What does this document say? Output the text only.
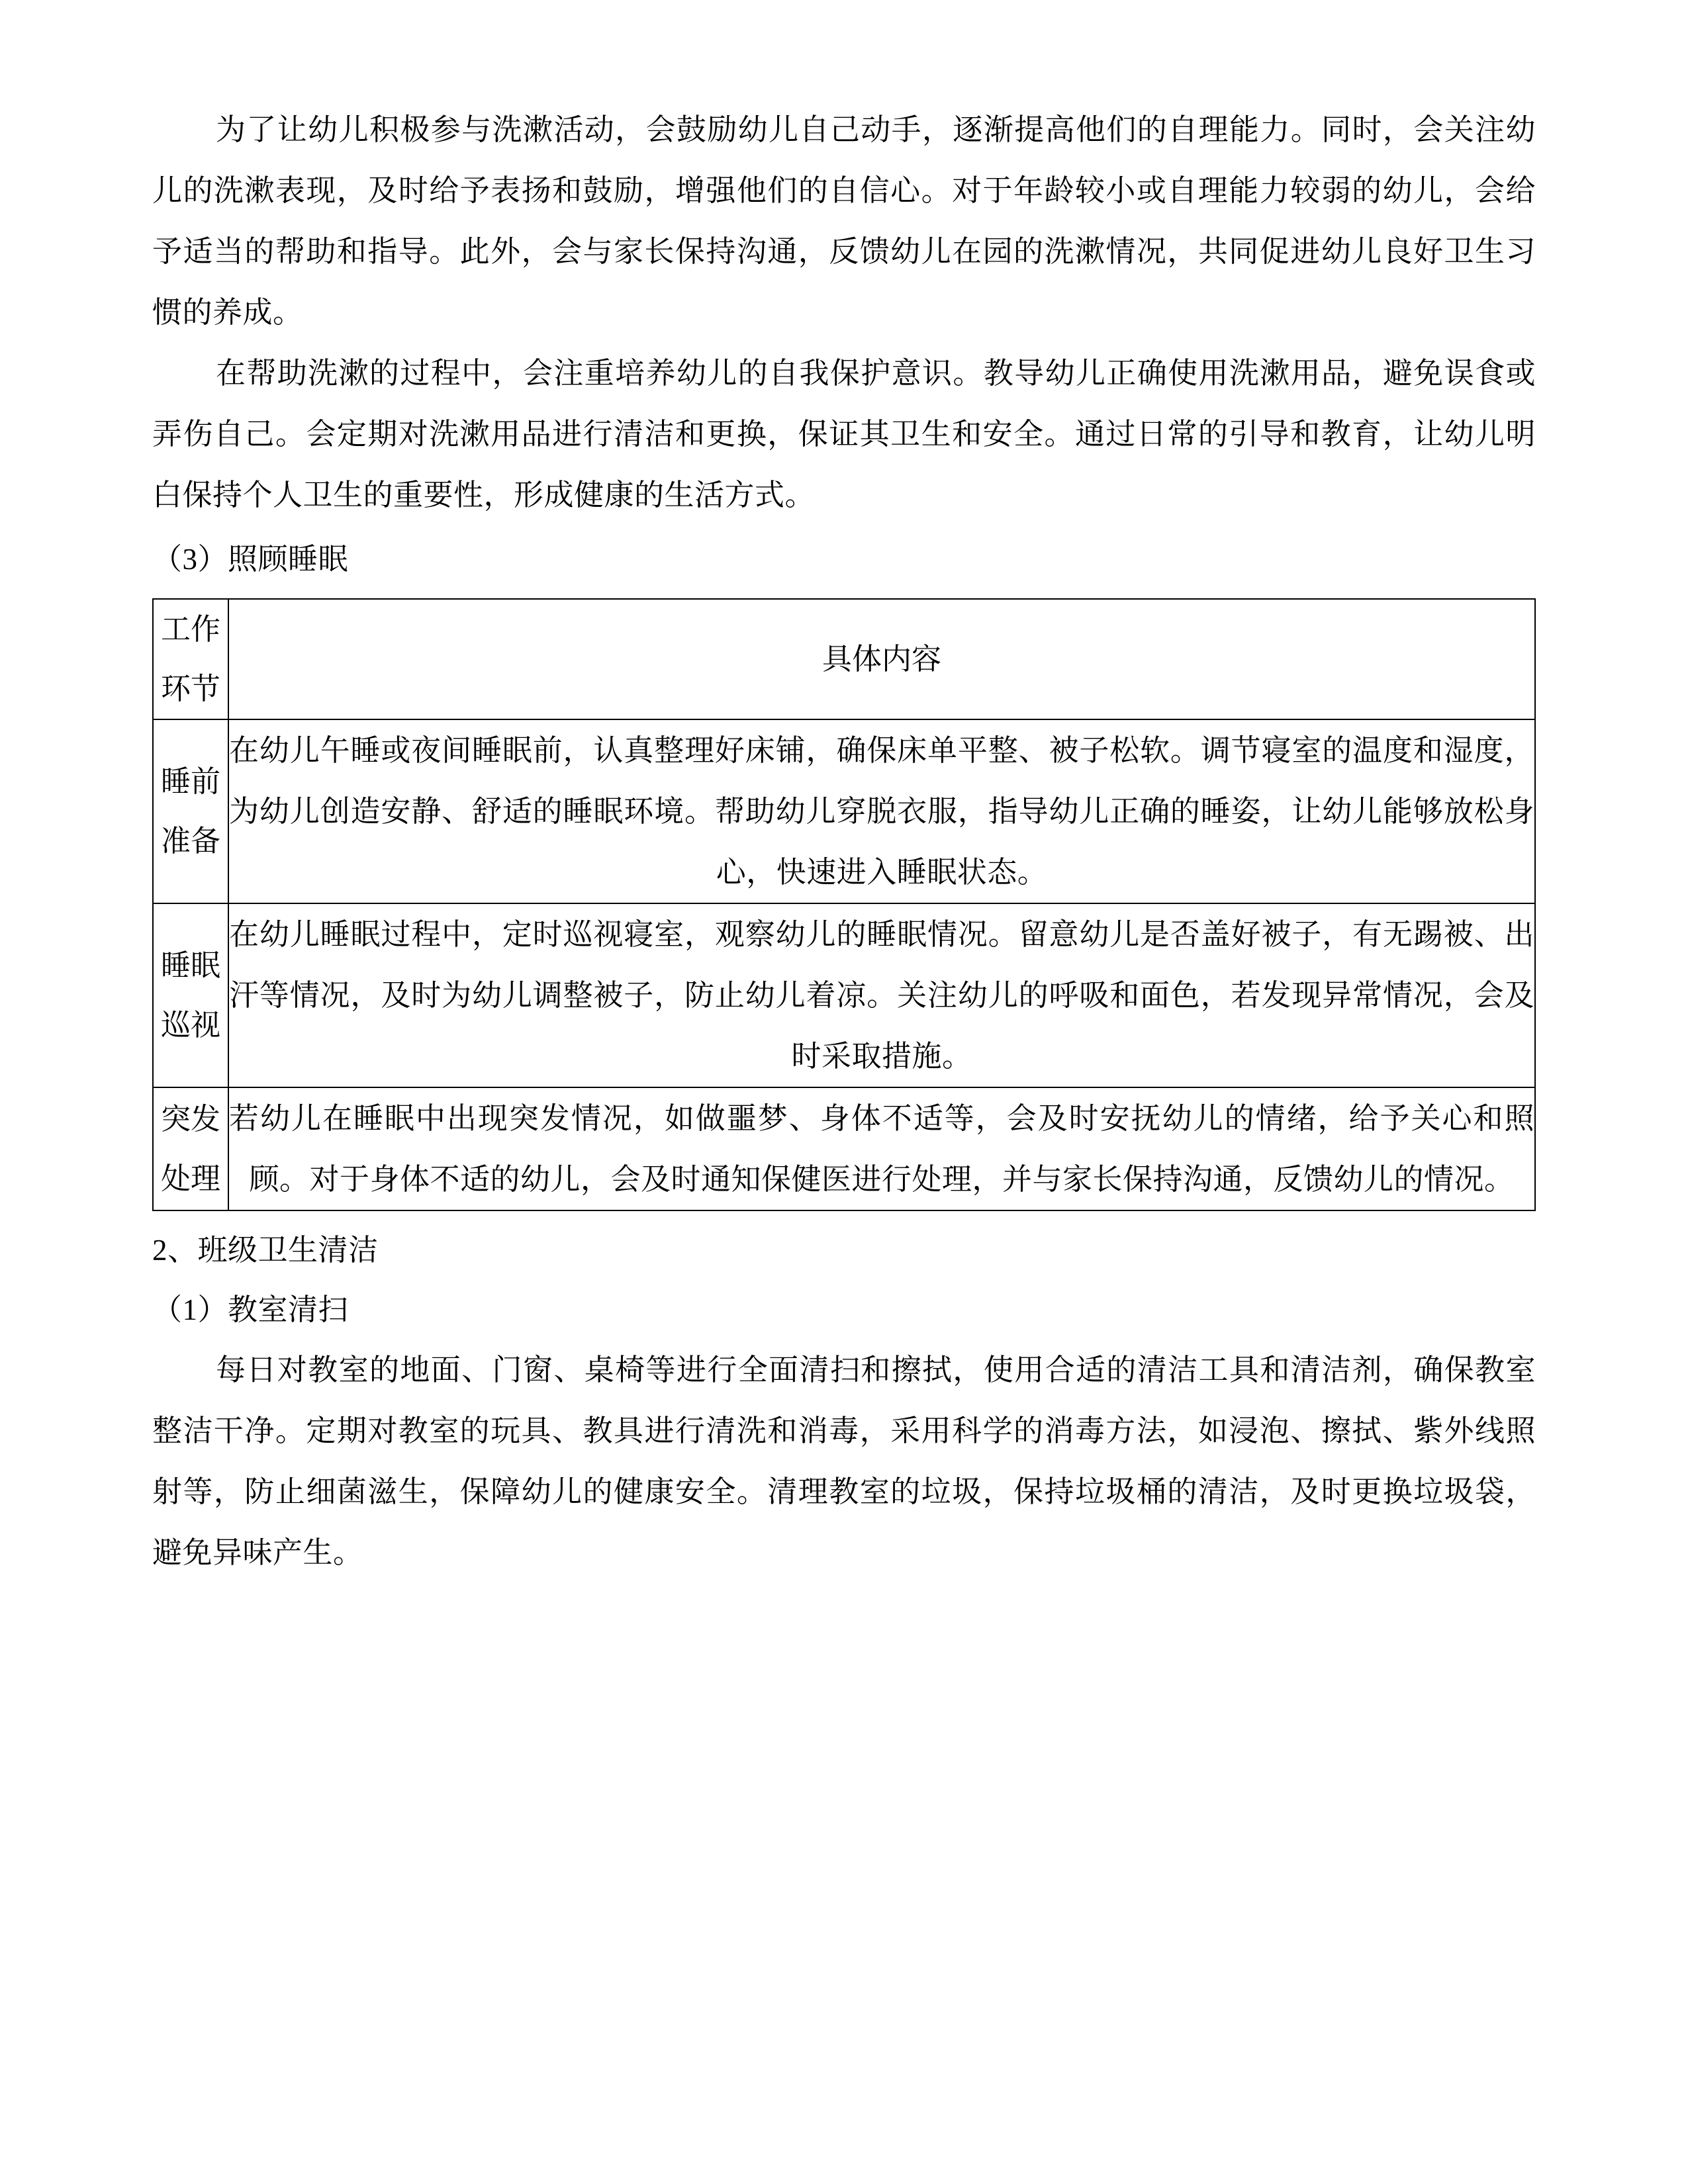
为了让幼儿积极参与洗漱活动，会鼓励幼儿自己动手，逐渐提高他们的自理能力。同时，会关注幼儿的洗漱表现，及时给予表扬和鼓励，增强他们的自信心。对于年龄较小或自理能力较弱的幼儿，会给予适当的帮助和指导。此外，会与家长保持沟通，反馈幼儿在园的洗漱情况，共同促进幼儿良好卫生习惯的养成。

在帮助洗漱的过程中，会注重培养幼儿的自我保护意识。教导幼儿正确使用洗漱用品，避免误食或弄伤自己。会定期对洗漱用品进行清洁和更换，保证其卫生和安全。通过日常的引导和教育，让幼儿明白保持个人卫生的重要性，形成健康的生活方式。

（3）照顾睡眠

工作环节	具体内容
睡前准备	在幼儿午睡或夜间睡眠前，认真整理好床铺，确保床单平整、被子松软。调节寝室的温度和湿度，为幼儿创造安静、舒适的睡眠环境。帮助幼儿穿脱衣服，指导幼儿正确的睡姿，让幼儿能够放松身心，快速进入睡眠状态。
睡眠巡视	在幼儿睡眠过程中，定时巡视寝室，观察幼儿的睡眠情况。留意幼儿是否盖好被子，有无踢被、出汗等情况，及时为幼儿调整被子，防止幼儿着凉。关注幼儿的呼吸和面色，若发现异常情况，会及时采取措施。
突发处理	若幼儿在睡眠中出现突发情况，如做噩梦、身体不适等，会及时安抚幼儿的情绪，给予关心和照顾。对于身体不适的幼儿，会及时通知保健医进行处理，并与家长保持沟通，反馈幼儿的情况。

2、班级卫生清洁

（1）教室清扫

每日对教室的地面、门窗、桌椅等进行全面清扫和擦拭，使用合适的清洁工具和清洁剂，确保教室整洁干净。定期对教室的玩具、教具进行清洗和消毒，采用科学的消毒方法，如浸泡、擦拭、紫外线照射等，防止细菌滋生，保障幼儿的健康安全。清理教室的垃圾，保持垃圾桶的清洁，及时更换垃圾袋，避免异味产生。
